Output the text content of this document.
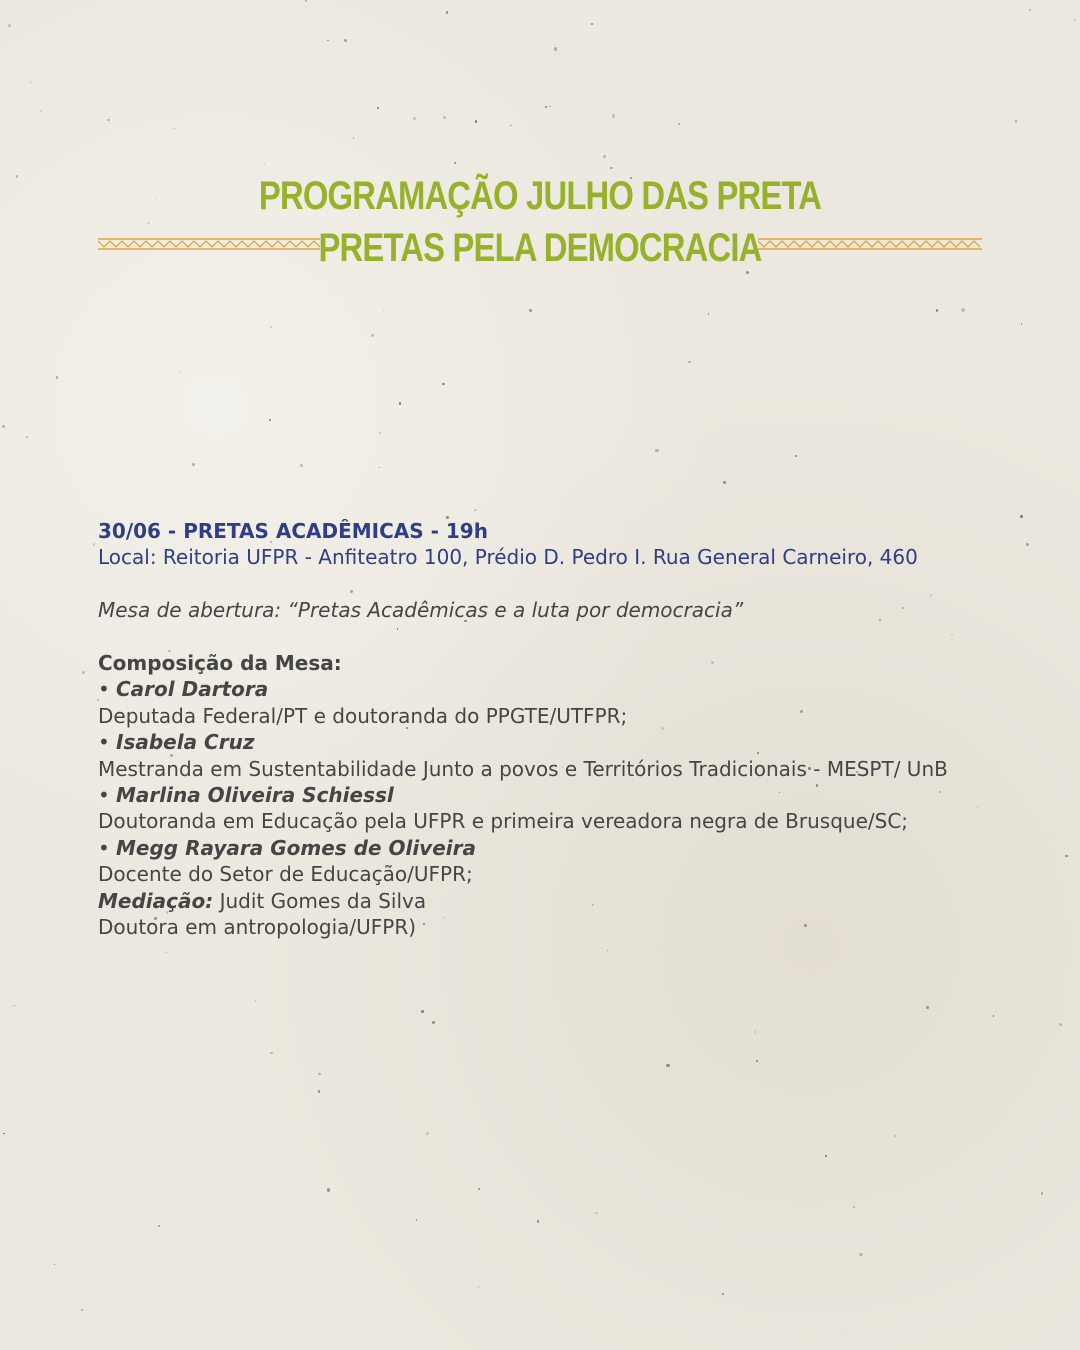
PROGRAMAÇÃO JULHO DAS PRETA

PRETAS PELA DEMOCRACIA

30/06 - PRETAS ACADÊMICAS - 19h

Local: Reitoria UFPR - Anfiteatro 100, Prédio D. Pedro I. Rua General Carneiro, 460

Mesa de abertura: “Pretas Acadêmicas e a luta por democracia”

Composição da Mesa:

• Carol Dartora

Deputada Federal/PT e doutoranda do PPGTE/UTFPR;

• Isabela Cruz

Mestranda em Sustentabilidade Junto a povos e Territórios Tradicionais - MESPT/ UnB

• Marlina Oliveira Schiessl

Doutoranda em Educação pela UFPR e primeira vereadora negra de Brusque/SC;

• Megg Rayara Gomes de Oliveira

Docente do Setor de Educação/UFPR;

Mediação: Judit Gomes da Silva

Doutora em antropologia/UFPR)
